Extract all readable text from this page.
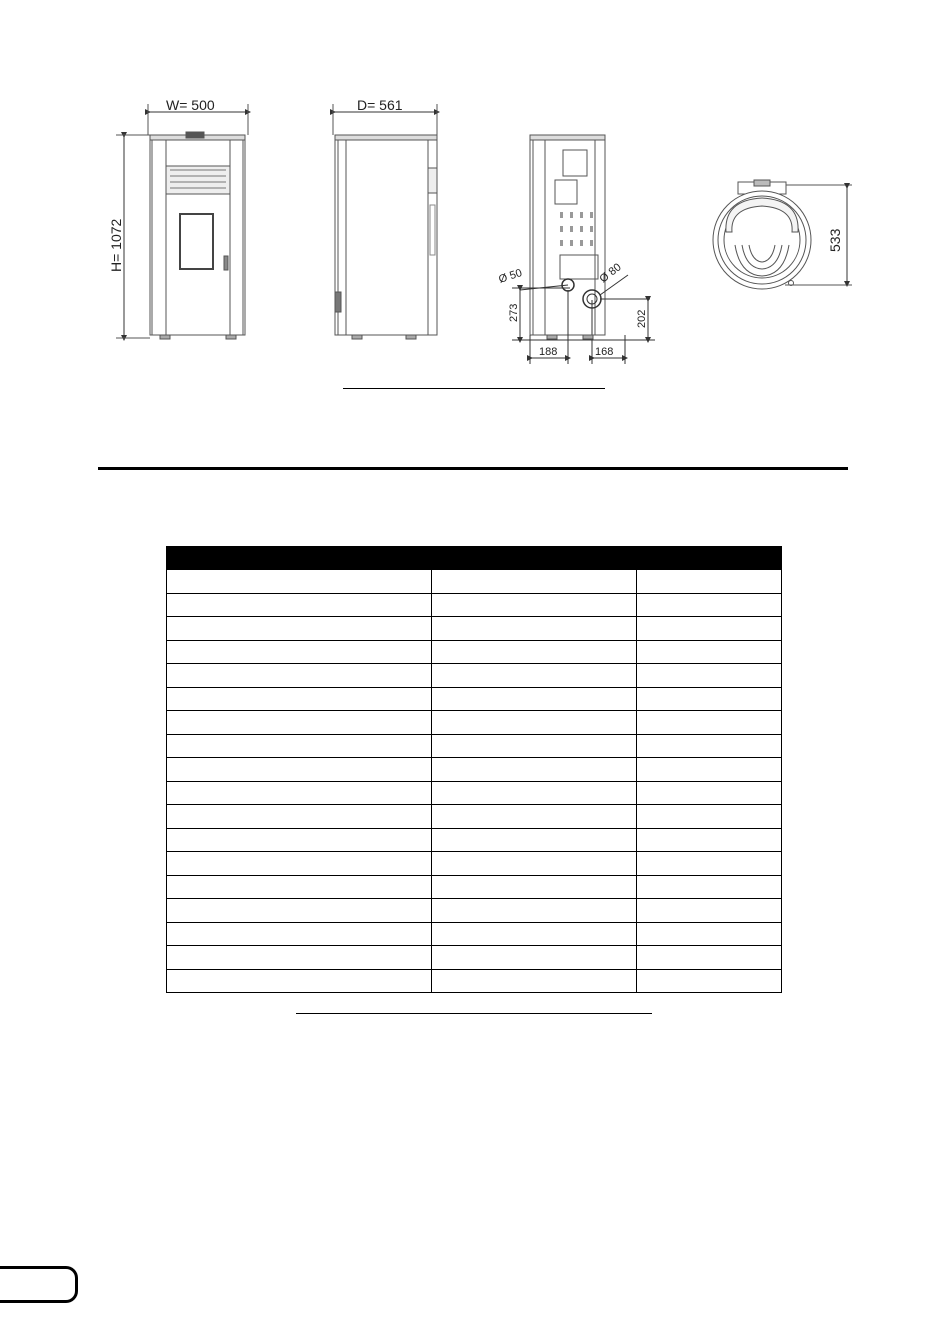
W= 500
H= 1072
D= 561
Ø 50	Ø 80
273	202
188	168
533
